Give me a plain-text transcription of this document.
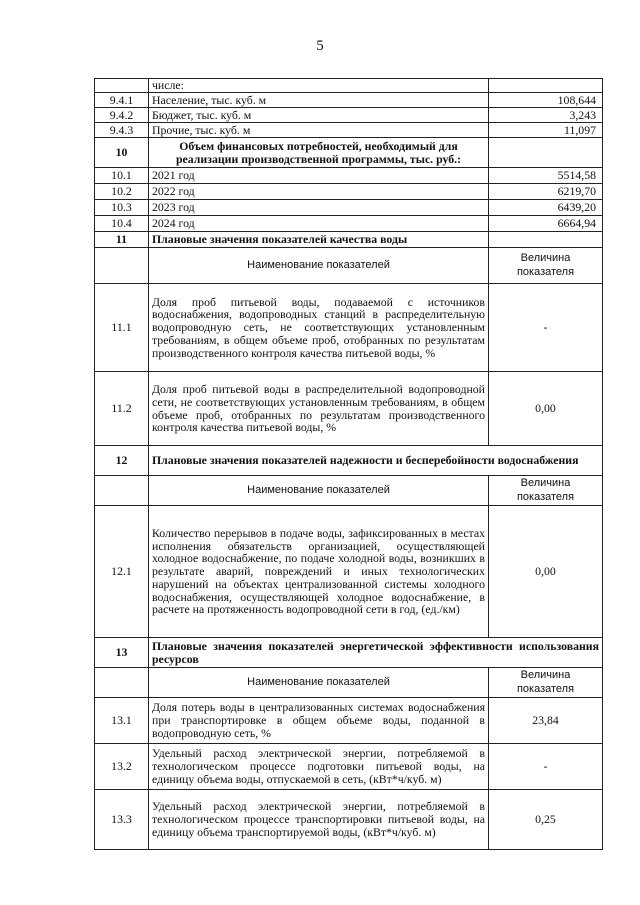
5
	числе:	
9.4.1	Население, тыс. куб. м	108,644
9.4.2	Бюджет, тыс. куб. м	3,243
9.4.3	Прочие, тыс. куб. м	11,097
10	Объем финансовых потребностей, необходимый для реализации производственной программы, тыс. руб.:	
10.1	2021 год	5514,58
10.2	2022 год	6219,70
10.3	2023 год	6439,20
10.4	2024 год	6664,94
11	Плановые значения показателей качества воды	
	Наименование показателей	Величина показателя
11.1	Доля проб питьевой воды, подаваемой с источников водоснабжения, водопроводных станций в распределительную водопроводную сеть, не соответствующих установленным требованиям, в общем объеме проб, отобранных по результатам производственного контроля качества питьевой воды, %	-
11.2	Доля проб питьевой воды в распределительной водопроводной сети, не соответствующих установленным требованиям, в общем объеме проб, отобранных по результатам производственного контроля качества питьевой воды, %	0,00
12	Плановые значения показателей надежности и бесперебойности водоснабжения	
	Наименование показателей	Величина показателя
12.1	Количество перерывов в подаче воды, зафиксированных в местах исполнения обязательств организацией, осуществляющей холодное водоснабжение, по подаче холодной воды, возникших в результате аварий, повреждений и иных технологических нарушений на объектах централизованной системы холодного водоснабжения, осуществляющей холодное водоснабжение, в расчете на протяженность водопроводной сети в год, (ед./км)	0,00
13	Плановые значения показателей энергетической эффективности использования ресурсов	
	Наименование показателей	Величина показателя
13.1	Доля потерь воды в централизованных системах водоснабжения при транспортировке в общем объеме воды, поданной в водопроводную сеть, %	23,84
13.2	Удельный расход электрической энергии, потребляемой в технологическом процессе подготовки питьевой воды, на единицу объема воды, отпускаемой в сеть, (кВт*ч/куб. м)	-
13.3	Удельный расход электрической энергии, потребляемой в технологическом процессе транспортировки питьевой воды, на единицу объема транспортируемой воды, (кВт*ч/куб. м)	0,25
